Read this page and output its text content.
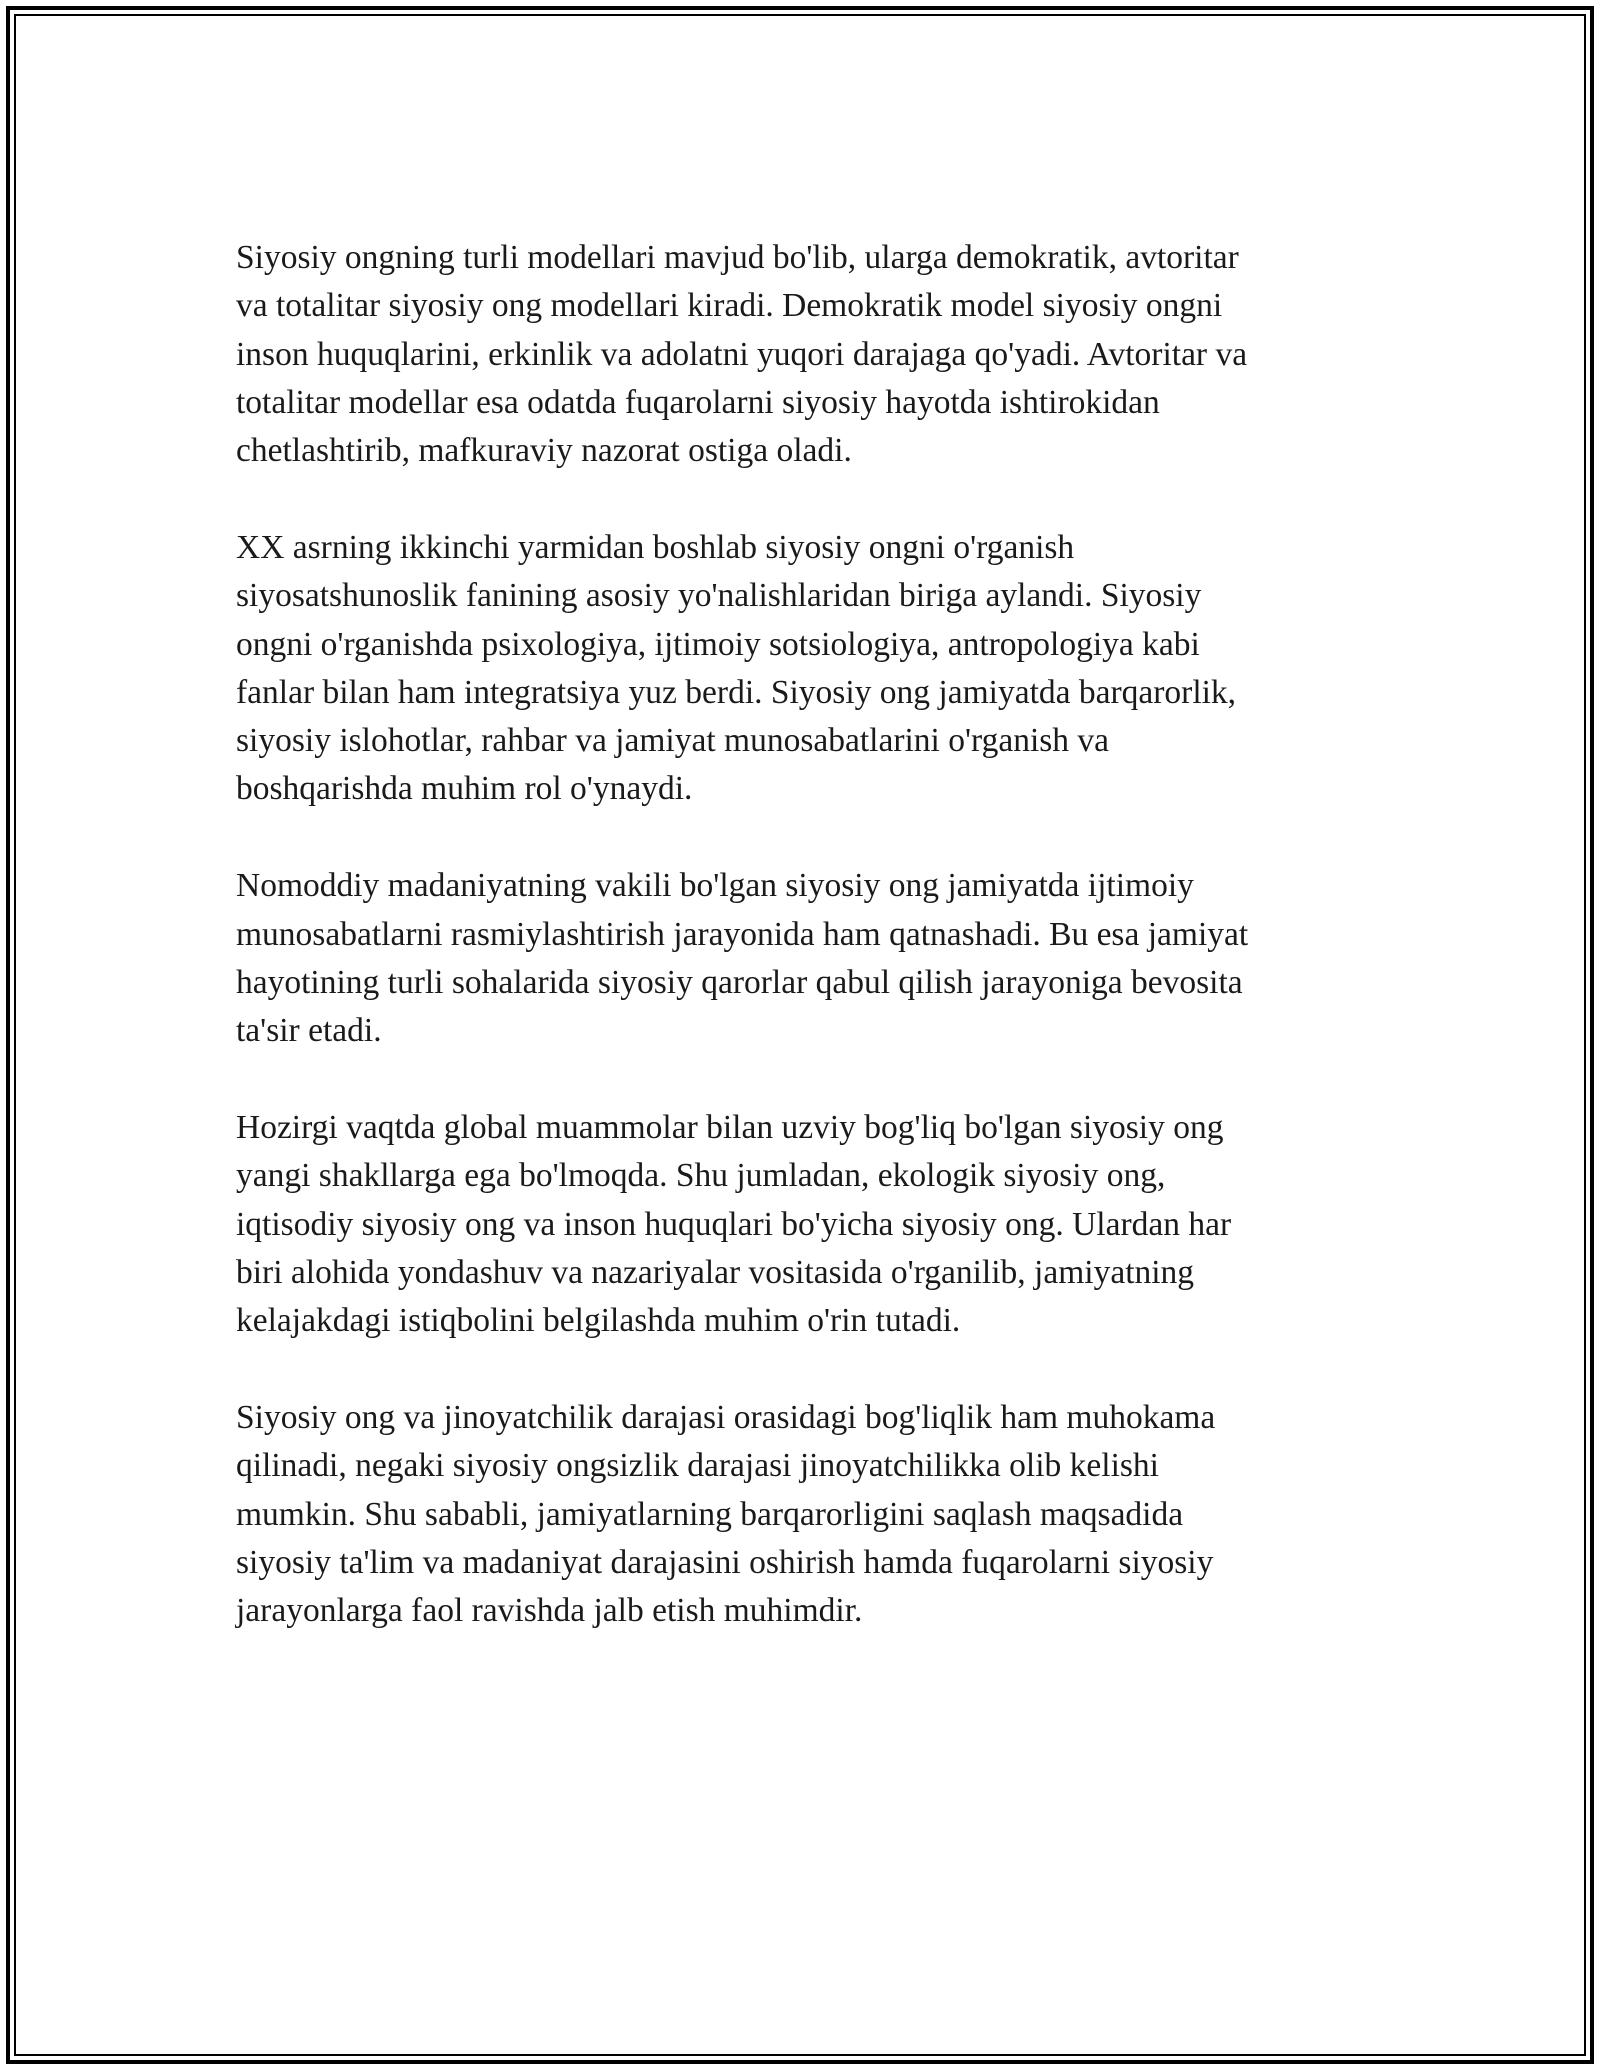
Siyosiy ongning turli modellari mavjud bo'lib, ularga demokratik, avtoritar
va totalitar siyosiy ong modellari kiradi. Demokratik model siyosiy ongni
inson huquqlarini, erkinlik va adolatni yuqori darajaga qo'yadi. Avtoritar va
totalitar modellar esa odatda fuqarolarni siyosiy hayotda ishtirokidan
chetlashtirib, mafkuraviy nazorat ostiga oladi.

XX asrning ikkinchi yarmidan boshlab siyosiy ongni o'rganish
siyosatshunoslik fanining asosiy yo'nalishlaridan biriga aylandi. Siyosiy
ongni o'rganishda psixologiya, ijtimoiy sotsiologiya, antropologiya kabi
fanlar bilan ham integratsiya yuz berdi. Siyosiy ong jamiyatda barqarorlik,
siyosiy islohotlar, rahbar va jamiyat munosabatlarini o'rganish va
boshqarishda muhim rol o'ynaydi.

Nomoddiy madaniyatning vakili bo'lgan siyosiy ong jamiyatda ijtimoiy
munosabatlarni rasmiylashtirish jarayonida ham qatnashadi. Bu esa jamiyat
hayotining turli sohalarida siyosiy qarorlar qabul qilish jarayoniga bevosita
ta'sir etadi.

Hozirgi vaqtda global muammolar bilan uzviy bog'liq bo'lgan siyosiy ong
yangi shakllarga ega bo'lmoqda. Shu jumladan, ekologik siyosiy ong,
iqtisodiy siyosiy ong va inson huquqlari bo'yicha siyosiy ong. Ulardan har
biri alohida yondashuv va nazariyalar vositasida o'rganilib, jamiyatning
kelajakdagi istiqbolini belgilashda muhim o'rin tutadi.

Siyosiy ong va jinoyatchilik darajasi orasidagi bog'liqlik ham muhokama
qilinadi, negaki siyosiy ongsizlik darajasi jinoyatchilikka olib kelishi
mumkin. Shu sababli, jamiyatlarning barqarorligini saqlash maqsadida
siyosiy ta'lim va madaniyat darajasini oshirish hamda fuqarolarni siyosiy
jarayonlarga faol ravishda jalb etish muhimdir.
